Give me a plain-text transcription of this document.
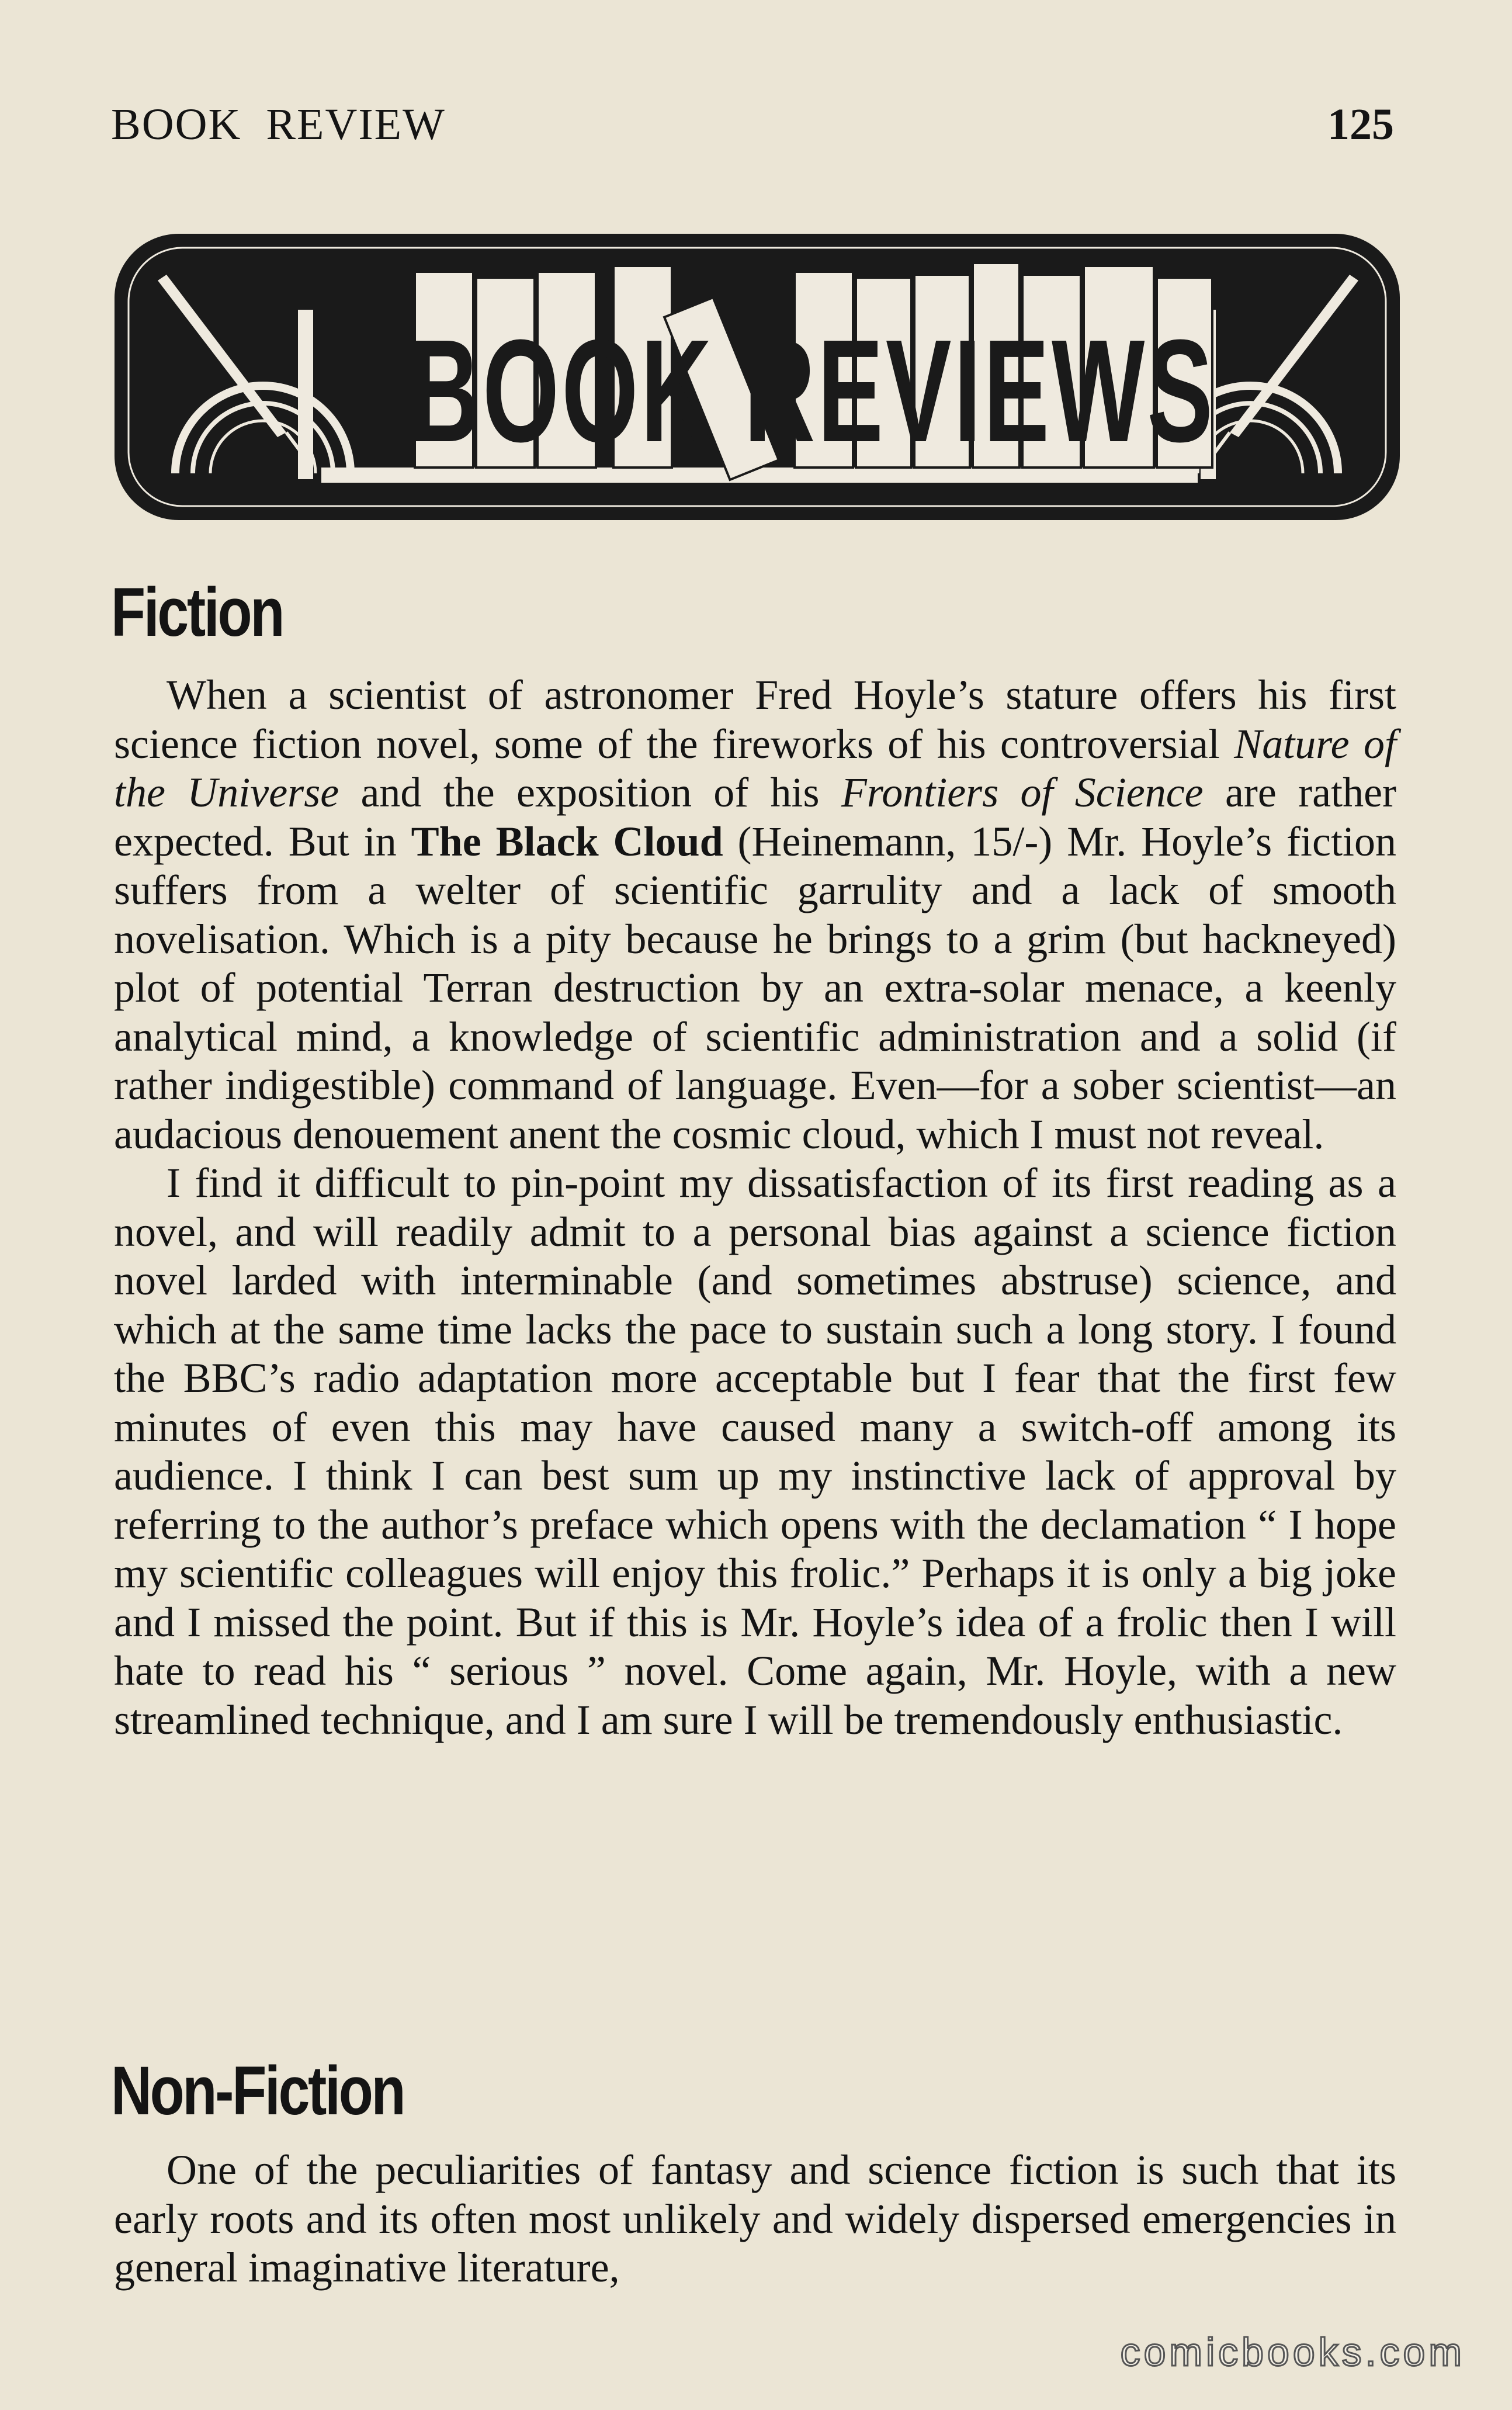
BOOK  REVIEW	125
BOOK REVIEWS
Fiction

When a scientist of astronomer Fred Hoyle’s stature offers his first science fiction novel, some of the fireworks of his controversial Nature of the Universe and the exposition of his Frontiers of Science are rather expected. But in The Black Cloud (Heinemann, 15/-) Mr. Hoyle’s fiction suffers from a welter of scientific garrulity and a lack of smooth novelisation. Which is a pity because he brings to a grim (but hackneyed) plot of potential Terran destruction by an extra-solar menace, a keenly analytical mind, a knowledge of scientific administration and a solid (if rather indigestible) command of language. Even—for a sober scientist—an audacious denouement anent the cosmic cloud, which I must not reveal.

I find it difficult to pin-point my dissatisfaction of its first reading as a novel, and will readily admit to a personal bias against a science fiction novel larded with interminable (and sometimes abstruse) science, and which at the same time lacks the pace to sustain such a long story. I found the BBC’s radio adaptation more acceptable but I fear that the first few minutes of even this may have caused many a switch-off among its audience. I think I can best sum up my instinctive lack of approval by referring to the author’s preface which opens with the declamation “ I hope my scientific colleagues will enjoy this frolic.” Perhaps it is only a big joke and I missed the point. But if this is Mr. Hoyle’s idea of a frolic then I will hate to read his “ serious ” novel. Come again, Mr. Hoyle, with a new streamlined technique, and I am sure I will be tremendously enthusiastic.

Non-Fiction

One of the peculiarities of fantasy and science fiction is such that its early roots and its often most unlikely and widely dispersed emergencies in general imaginative literature,

comicbooks.com
